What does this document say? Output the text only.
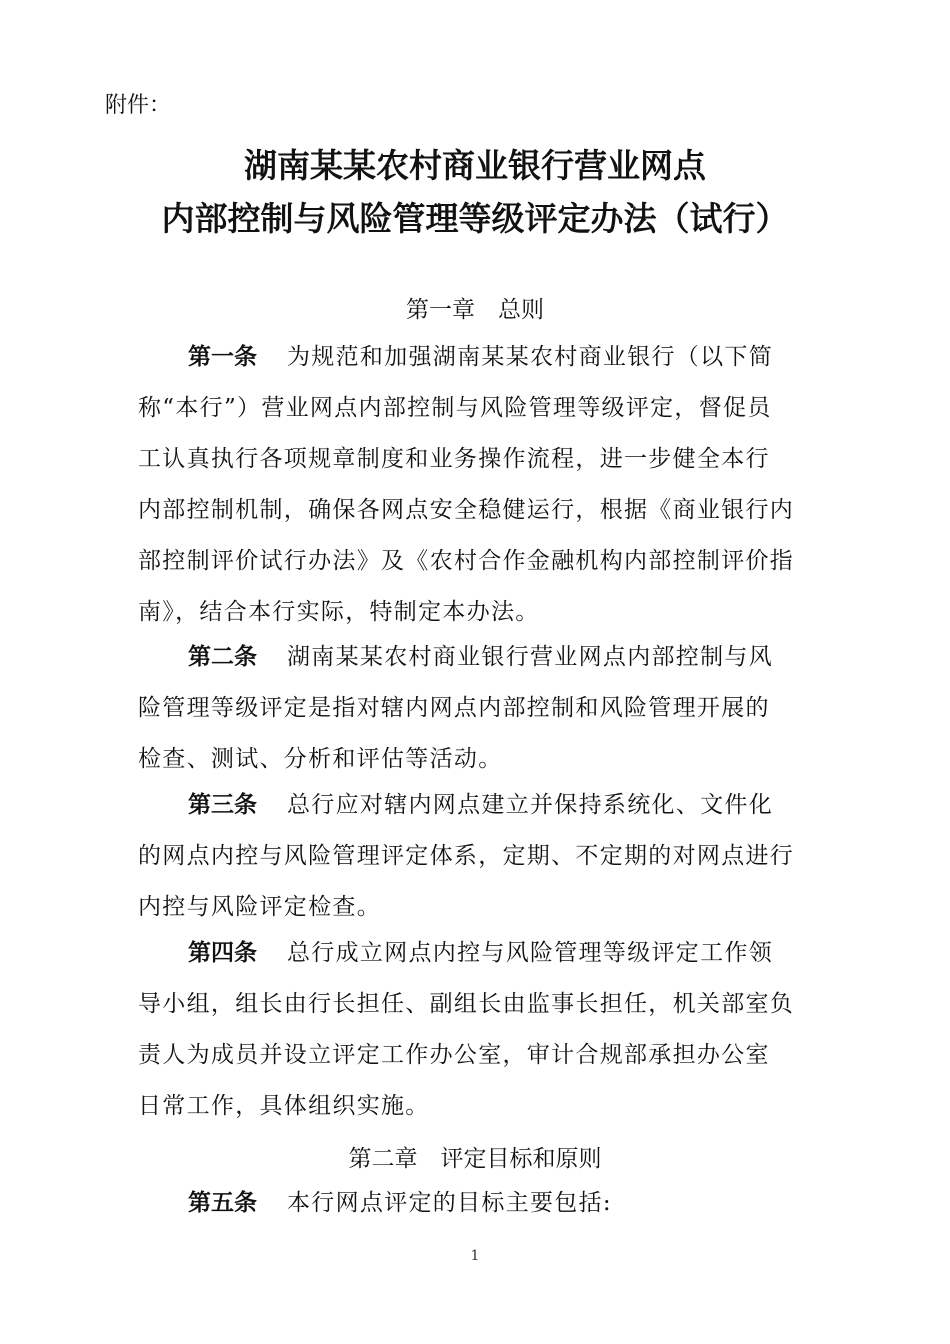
附件：
湖南某某农村商业银行营业网点
内部控制与风险管理等级评定办法（试行）
第一章　总则
第一条 为规范和加强湖南某某农村商业银行（以下简
称“本行”）营业网点内部控制与风险管理等级评定，督促员
工认真执行各项规章制度和业务操作流程，进一步健全本行
内部控制机制，确保各网点安全稳健运行，根据《商业银行内
部控制评价试行办法》及《农村合作金融机构内部控制评价指
南》，结合本行实际，特制定本办法。
第二条 湖南某某农村商业银行营业网点内部控制与风
险管理等级评定是指对辖内网点内部控制和风险管理开展的
检查、测试、分析和评估等活动。
第三条 总行应对辖内网点建立并保持系统化、文件化
的网点内控与风险管理评定体系，定期、不定期的对网点进行
内控与风险评定检查。
第四条 总行成立网点内控与风险管理等级评定工作领
导小组，组长由行长担任、副组长由监事长担任，机关部室负
责人为成员并设立评定工作办公室，审计合规部承担办公室
日常工作，具体组织实施。
第二章　评定目标和原则
第五条 本行网点评定的目标主要包括:
1
